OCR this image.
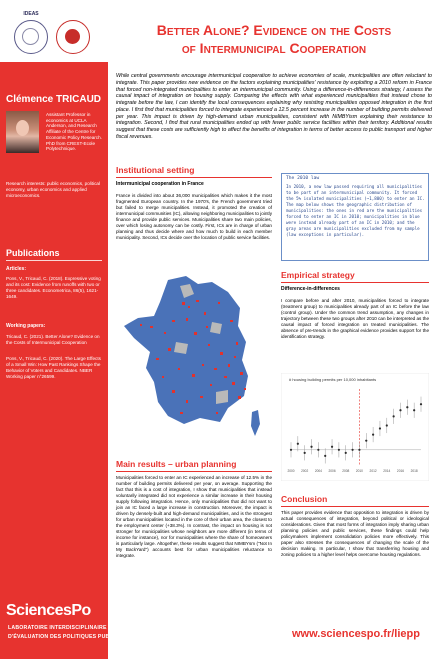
IDEAS
Clémence TRICAUD
Assistant Professor in economics at UCLA Anderson, and Research Affiliate of the Centre for Economic Policy Research. PhD from CREST-Ecole Polytechnique.
Research interests: public economics, political economy, urban economics and applied microeconomics.
Publications
Articles:
Pons, V., Tricaud, C. (2018). Expressive voting and its cost: Evidence from runoffs with two or three candidates. Econometrica, 86(5), 1621-1649.
Working papers:
Tricaud, C. (2021). Better Alone? Evidence on the Costs of Intermunicipal Cooperation
Pons, V., Tricaud, C. (2020). The Large Effects of a Small Win: How Past Rankings Shape the Behavior of Voters and Candidates. NBER Working paper n°26599.
SciencesPo
LABORATOIRE INTERDISCIPLINAIRE
D'ÉVALUATION DES POLITIQUES PUBLIQUES
Better Alone? Evidence on the Costs
of Intermunicipal Cooperation
While central governments encourage intermunicipal cooperation to achieve economies of scale, municipalities are often reluctant to integrate. This paper provides new evidence on the factors explaining municipalities' resistance by exploiting a 2010 reform in France that forced non-integrated municipalities to enter an intermunicipal community. Using a difference-in-differences strategy, I assess the causal impact of integration on housing supply. Comparing the effects with what experienced municipalities that instead chose to integrate before the law, I can identify the local consequences explaining why resisting municipalities opposed integration in the first place. I first find that municipalities forced to integrate experienced a 12.5 percent increase in the number of building permits delivered per year. This impact is driven by high-demand urban municipalities, consistent with NIMBYism explaining their resistance to integration. Second, I find that rural municipalities ended up with fewer public service facilities within their territory. Additional results suggest that these costs are sufficiently high to affect the benefits of integration in terms of better access to public transport and higher fiscal revenues.
Institutional setting
Intermunicipal cooperation in France
France is divided into about 36,000 municipalities which makes it the most fragmented European country. In the 1970's, the French government tried but failed to merge municipalities. Instead, it promoted the creation of intermunicipal communities (IC), allowing neighboring municipalities to jointly finance and provide public services. Municipalities share two main policies, over which losing autonomy can be costly. First, ICs are in charge of urban planning and thus decide where and how much to build in each member municipality. Second, ICs decide over the location of public service facilities.
The 2010 law
In 2010, a new law passed requiring all municipalities to be part of an intermunicipal community. It forced the 5% isolated municipalities (~1,800) to enter an IC. The map below shows the geographic distribution of municipalities: the ones in red are the municipalities forced to enter an IC in 2010; municipalities in blue were instead already part of an IC in 2010; and the gray areas are municipalities excluded from my sample (law exceptions in particular).
Empirical strategy
Difference-in-differences
I compare before and after 2010, municipalities forced to integrate (treatment group) to municipalities already part of an IC before the law (control group). Under the common trend assumption, any changes in trajectory between these two groups after 2010 can be interpreted as the causal impact of forced integration on treated municipalities. The absence of pre-trends in the graphical evidence provides support for the identification strategy.
# housing building permits per 10,000 inhabitants
2000 2002 2004 2006 2008 2010 2012 2014 2016 2018
Main results – urban planning
Municipalities forced to enter an IC experienced an increase of 12.5% in the number of building permits delivered per year, on average. Supporting the fact that this is a cost of integration, I show that municipalities that instead voluntarily integrated did not experience a similar increase in their housing supply following integration. Hence, only municipalities that did not want to join an IC faced a large increase in construction. Moreover, the impact is driven by densely-built and high-demand municipalities, and is the strongest for urban municipalities located in the core of their urban area, the closest to the employment center (+38.3%). In contrast, the impact on housing is not stronger for municipalities whose neighbors are more different (in terms of income for instance), nor for municipalities where the share of homeowners is particularly large. Altogether, these results suggest that NIMBYsm ("Not In My BackYard") accounts best for urban municipalities reluctance to integrate.
Conclusion
This paper provides evidence that opposition to integration is driven by actual consequences of integration, beyond political or ideological considerations. Given that most forms of integration imply sharing urban planning policies and public services, these findings could help policymakers implement consolidation policies more effectively. This paper also stresses the consequences of changing the scale of the decision making. In particular, I show that transferring housing and zoning policies to a higher level helps overcome housing regulations.
www.sciencespo.fr/liepp
